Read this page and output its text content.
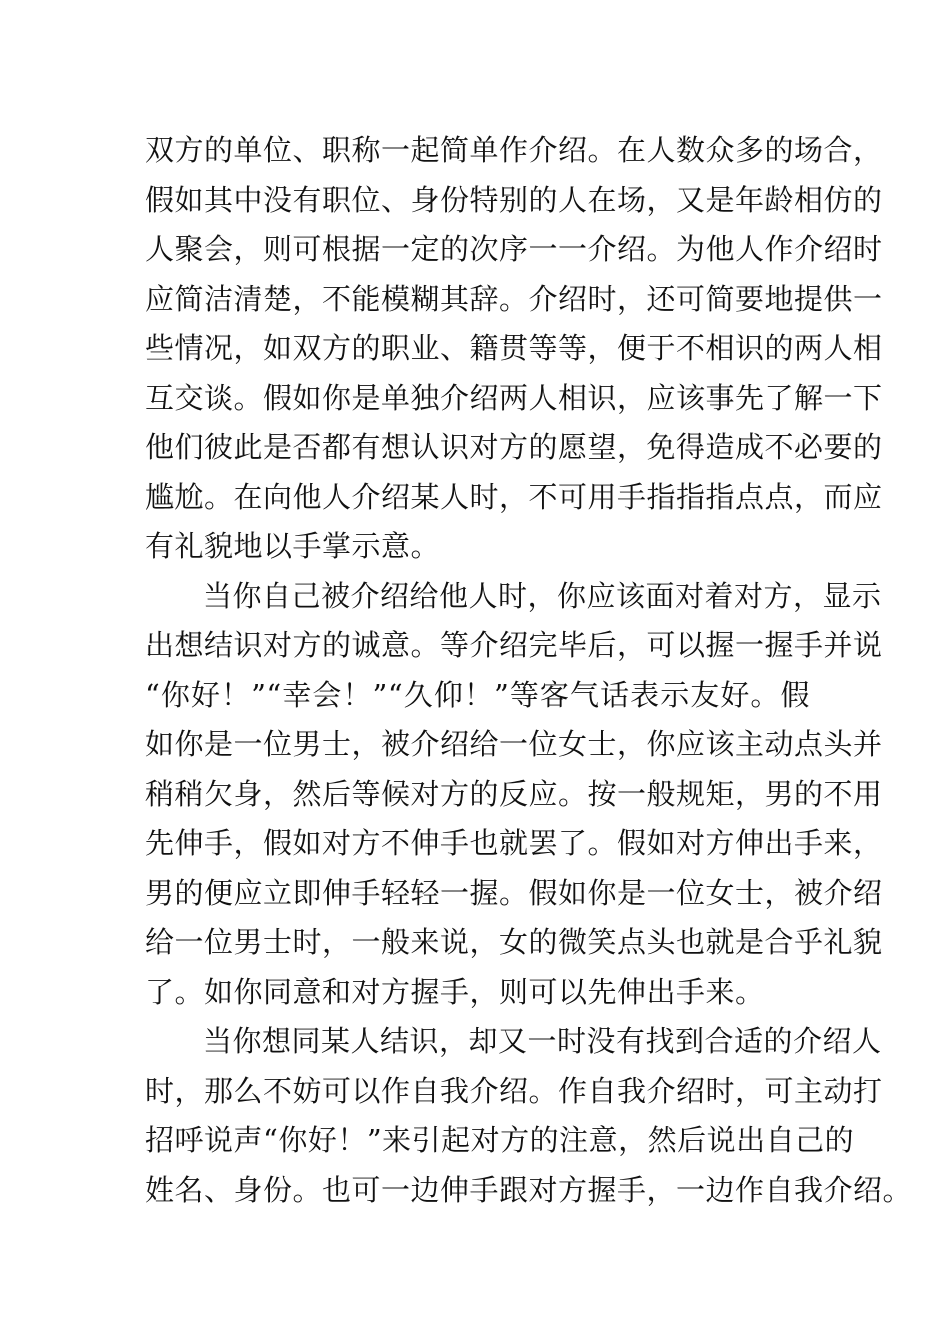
双方的单位、职称一起简单作介绍。在人数众多的场合，
假如其中没有职位、身份特别的人在场，又是年龄相仿的
人聚会，则可根据一定的次序一一介绍。为他人作介绍时
应简洁清楚，不能模糊其辞。介绍时，还可简要地提供一
些情况，如双方的职业、籍贯等等，便于不相识的两人相
互交谈。假如你是单独介绍两人相识，应该事先了解一下
他们彼此是否都有想认识对方的愿望，免得造成不必要的
尴尬。在向他人介绍某人时，不可用手指指指点点，而应
有礼貌地以手掌示意。
当你自己被介绍给他人时，你应该面对着对方，显示
出想结识对方的诚意。等介绍完毕后，可以握一握手并说
“你好！”“幸会！”“久仰！”等客气话表示友好。假
如你是一位男士，被介绍给一位女士，你应该主动点头并
稍稍欠身，然后等候对方的反应。按一般规矩，男的不用
先伸手，假如对方不伸手也就罢了。假如对方伸出手来，
男的便应立即伸手轻轻一握。假如你是一位女士，被介绍
给一位男士时，一般来说，女的微笑点头也就是合乎礼貌
了。如你同意和对方握手，则可以先伸出手来。
当你想同某人结识，却又一时没有找到合适的介绍人
时，那么不妨可以作自我介绍。作自我介绍时，可主动打
招呼说声“你好！”来引起对方的注意，然后说出自己的
姓名、身份。也可一边伸手跟对方握手，一边作自我介绍。
